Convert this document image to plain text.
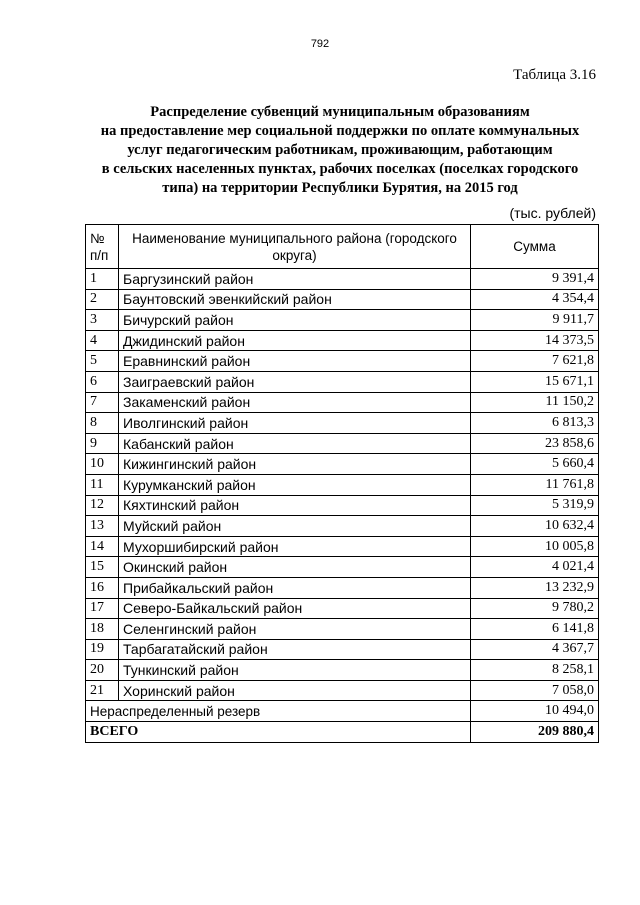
792
Таблица 3.16
Распределение субвенций муниципальным образованиям
на предоставление мер социальной поддержки по оплате коммунальных
услуг педагогическим работникам, проживающим, работающим
в сельских населенных пунктах, рабочих поселках (поселках городского
типа) на территории Республики Бурятия, на 2015 год
(тыс. рублей)
№ п/п	Наименование муниципального района (городского округа)	Сумма
1	Баргузинский район	9 391,4
2	Баунтовский эвенкийский район	4 354,4
3	Бичурский район	9 911,7
4	Джидинский район	14 373,5
5	Еравнинский район	7 621,8
6	Заиграевский район	15 671,1
7	Закаменский район	11 150,2
8	Иволгинский район	6 813,3
9	Кабанский район	23 858,6
10	Кижингинский район	5 660,4
11	Курумканский район	11 761,8
12	Кяхтинский район	5 319,9
13	Муйский район	10 632,4
14	Мухоршибирский район	10 005,8
15	Окинский район	4 021,4
16	Прибайкальский район	13 232,9
17	Северо-Байкальский район	9 780,2
18	Селенгинский район	6 141,8
19	Тарбагатайский район	4 367,7
20	Тункинский район	8 258,1
21	Хоринский район	7 058,0
Нераспределенный резерв		10 494,0
ВСЕГО		209 880,4
